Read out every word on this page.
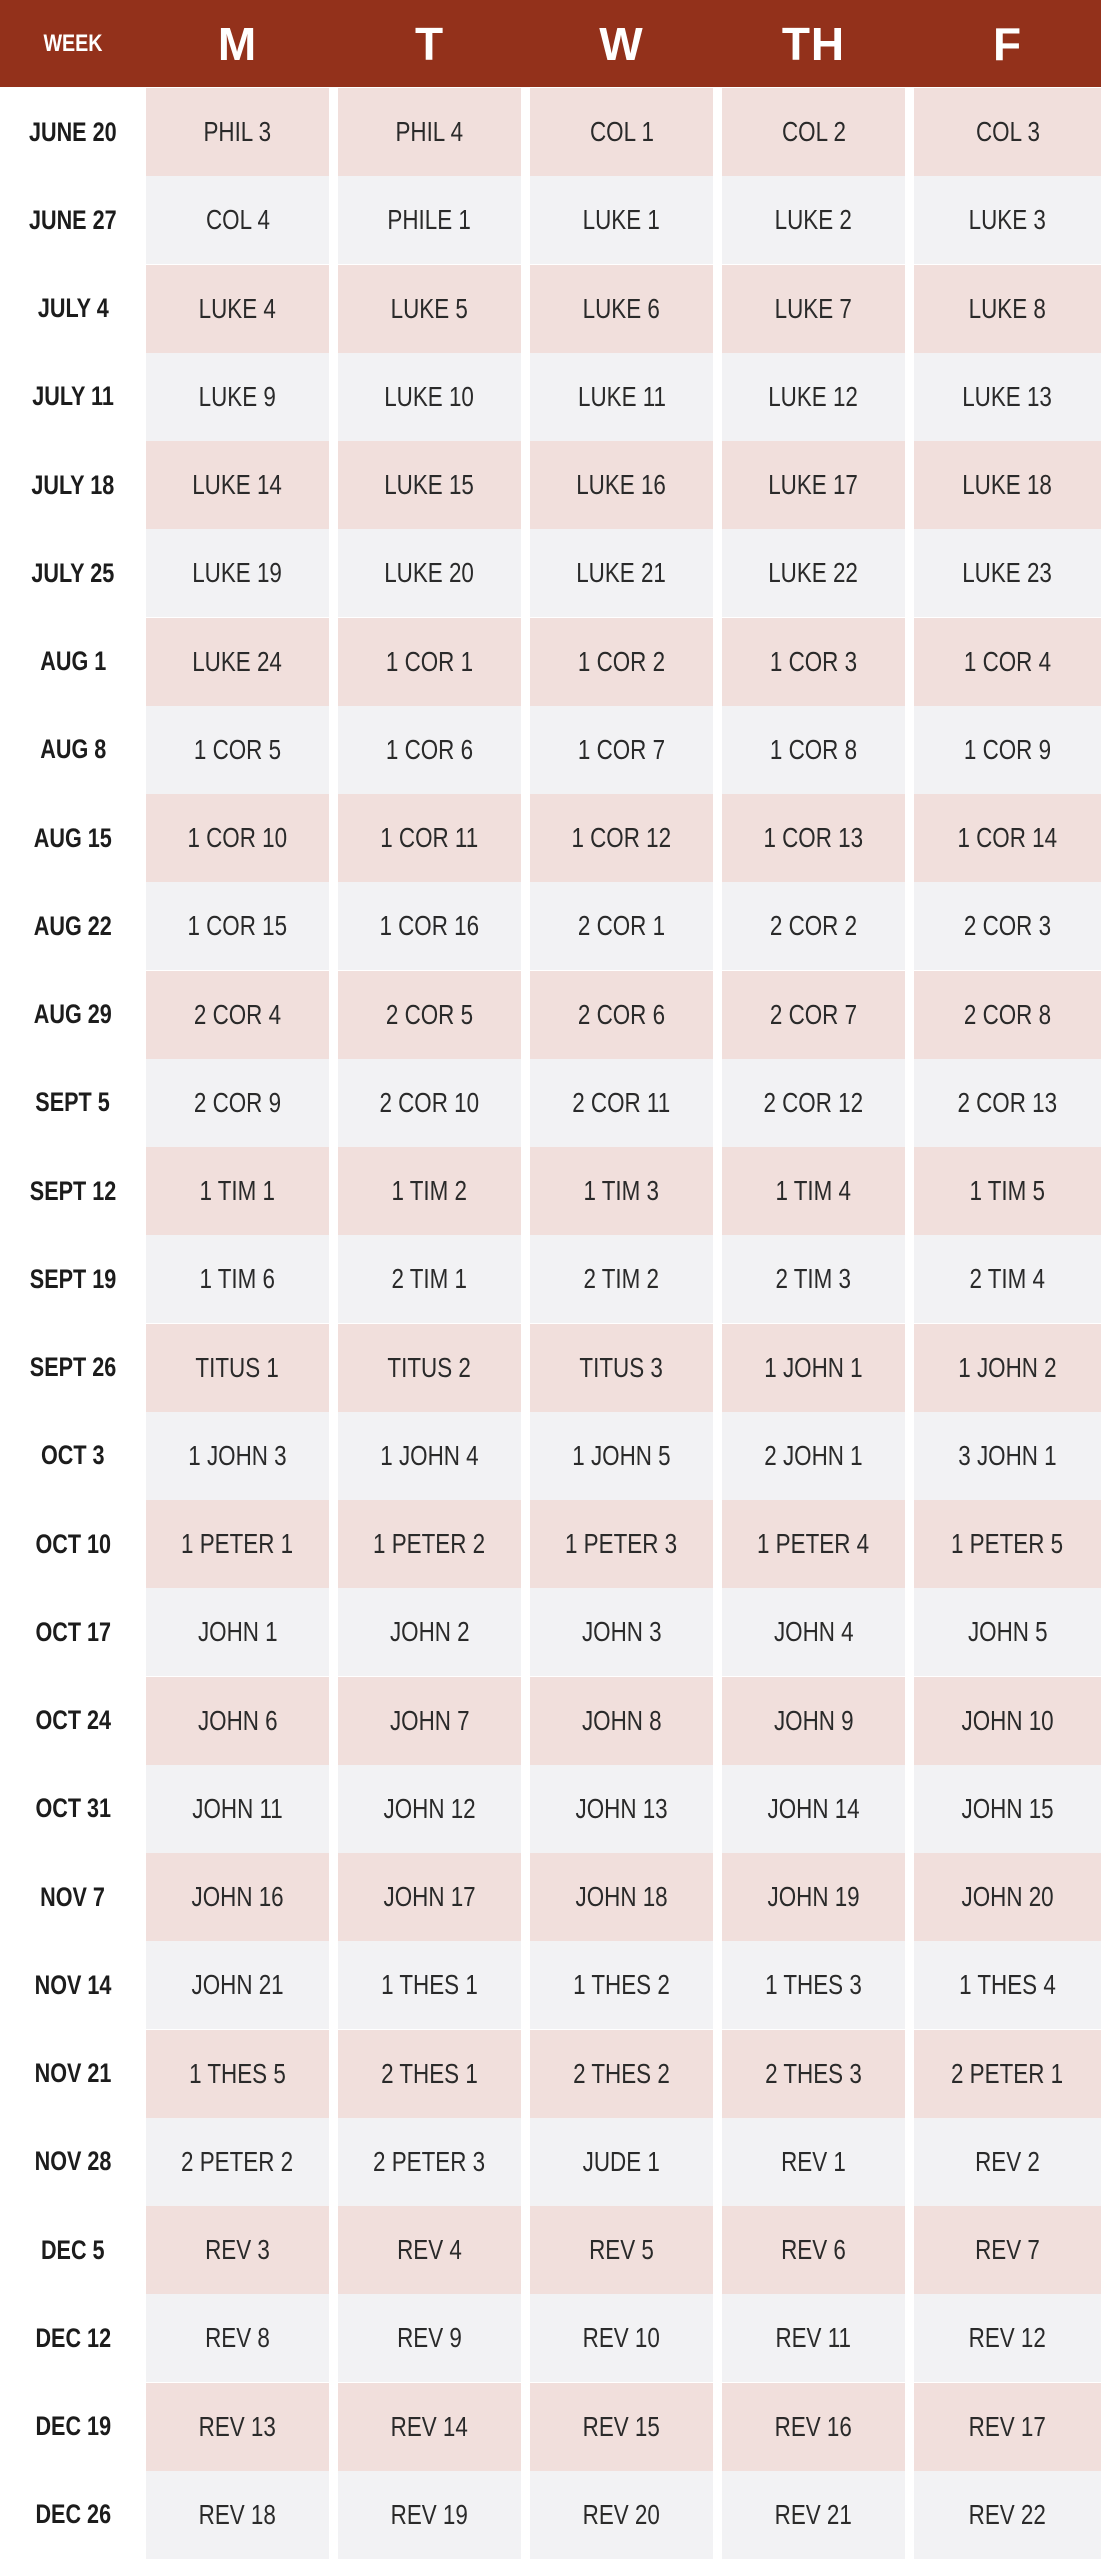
WEEK	M	T	W	TH	F
JUNE 20	PHIL 3	PHIL 4	COL 1	COL 2	COL 3
JUNE 27	COL 4	PHILE 1	LUKE 1	LUKE 2	LUKE 3
JULY 4	LUKE 4	LUKE 5	LUKE 6	LUKE 7	LUKE 8
JULY 11	LUKE 9	LUKE 10	LUKE 11	LUKE 12	LUKE 13
JULY 18	LUKE 14	LUKE 15	LUKE 16	LUKE 17	LUKE 18
JULY 25	LUKE 19	LUKE 20	LUKE 21	LUKE 22	LUKE 23
AUG 1	LUKE 24	1 COR 1	1 COR 2	1 COR 3	1 COR 4
AUG 8	1 COR 5	1 COR 6	1 COR 7	1 COR 8	1 COR 9
AUG 15	1 COR 10	1 COR 11	1 COR 12	1 COR 13	1 COR 14
AUG 22	1 COR 15	1 COR 16	2 COR 1	2 COR 2	2 COR 3
AUG 29	2 COR 4	2 COR 5	2 COR 6	2 COR 7	2 COR 8
SEPT 5	2 COR 9	2 COR 10	2 COR 11	2 COR 12	2 COR 13
SEPT 12	1 TIM 1	1 TIM 2	1 TIM 3	1 TIM 4	1 TIM 5
SEPT 19	1 TIM 6	2 TIM 1	2 TIM 2	2 TIM 3	2 TIM 4
SEPT 26	TITUS 1	TITUS 2	TITUS 3	1 JOHN 1	1 JOHN 2
OCT 3	1 JOHN 3	1 JOHN 4	1 JOHN 5	2 JOHN 1	3 JOHN 1
OCT 10	1 PETER 1	1 PETER 2	1 PETER 3	1 PETER 4	1 PETER 5
OCT 17	JOHN 1	JOHN 2	JOHN 3	JOHN 4	JOHN 5
OCT 24	JOHN 6	JOHN 7	JOHN 8	JOHN 9	JOHN 10
OCT 31	JOHN 11	JOHN 12	JOHN 13	JOHN 14	JOHN 15
NOV 7	JOHN 16	JOHN 17	JOHN 18	JOHN 19	JOHN 20
NOV 14	JOHN 21	1 THES 1	1 THES 2	1 THES 3	1 THES 4
NOV 21	1 THES 5	2 THES 1	2 THES 2	2 THES 3	2 PETER 1
NOV 28	2 PETER 2	2 PETER 3	JUDE 1	REV 1	REV 2
DEC 5	REV 3	REV 4	REV 5	REV 6	REV 7
DEC 12	REV 8	REV 9	REV 10	REV 11	REV 12
DEC 19	REV 13	REV 14	REV 15	REV 16	REV 17
DEC 26	REV 18	REV 19	REV 20	REV 21	REV 22
